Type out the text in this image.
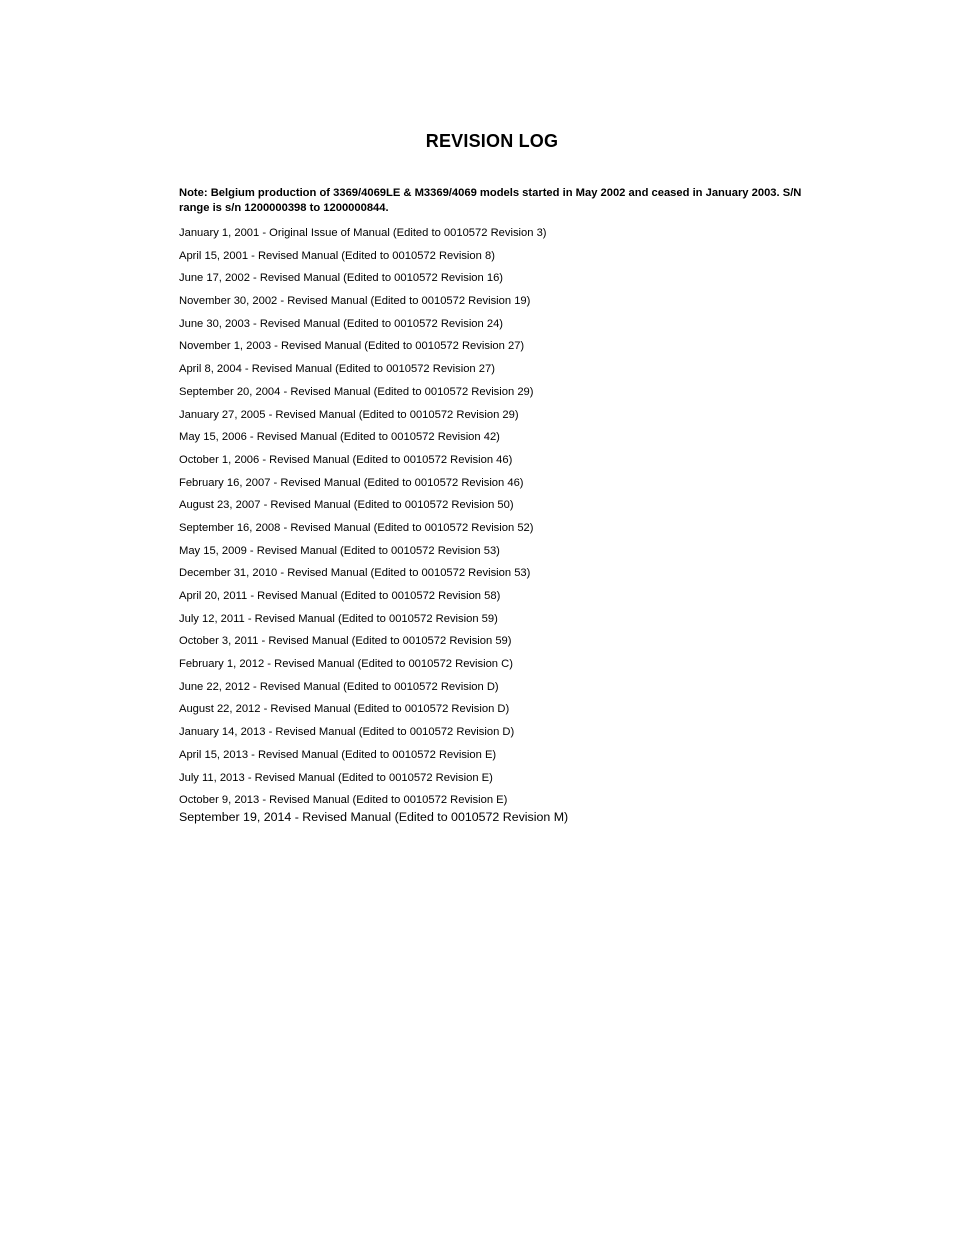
REVISION LOG
Note: Belgium production of 3369/4069LE & M3369/4069 models started in May 2002 and ceased in January 2003. S/N range is s/n 1200000398 to 1200000844.
January 1, 2001 - Original Issue of Manual (Edited to 0010572 Revision 3)
April 15, 2001 - Revised Manual (Edited to 0010572 Revision 8)
June 17, 2002 - Revised Manual (Edited to 0010572 Revision 16)
November 30, 2002 - Revised Manual (Edited to 0010572 Revision 19)
June 30, 2003 - Revised Manual (Edited to 0010572 Revision 24)
November 1, 2003 - Revised Manual (Edited to 0010572 Revision 27)
April 8, 2004 - Revised Manual (Edited to 0010572 Revision 27)
September 20, 2004 - Revised Manual (Edited to 0010572 Revision 29)
January 27, 2005 - Revised Manual (Edited to 0010572 Revision 29)
May 15, 2006 - Revised Manual (Edited to 0010572 Revision 42)
October 1, 2006 - Revised Manual (Edited to 0010572 Revision 46)
February 16, 2007 - Revised Manual (Edited to 0010572 Revision 46)
August 23, 2007 - Revised Manual (Edited to 0010572 Revision 50)
September 16, 2008 - Revised Manual (Edited to 0010572 Revision 52)
May 15, 2009 - Revised Manual (Edited to 0010572 Revision 53)
December 31, 2010 - Revised Manual (Edited to 0010572 Revision 53)
April 20, 2011 - Revised Manual (Edited to 0010572 Revision 58)
July 12, 2011 - Revised Manual (Edited to 0010572 Revision 59)
October 3, 2011 - Revised Manual (Edited to 0010572 Revision 59)
February 1, 2012 - Revised Manual (Edited to 0010572 Revision C)
June 22, 2012 - Revised Manual (Edited to 0010572 Revision D)
August 22, 2012 - Revised Manual (Edited to 0010572 Revision D)
January 14, 2013 - Revised Manual (Edited to 0010572 Revision D)
April 15, 2013 - Revised Manual (Edited to 0010572 Revision E)
July 11, 2013 - Revised Manual (Edited to 0010572 Revision E)
October 9, 2013 - Revised Manual (Edited to 0010572 Revision E)
September 19, 2014 - Revised Manual (Edited to 0010572 Revision M)
